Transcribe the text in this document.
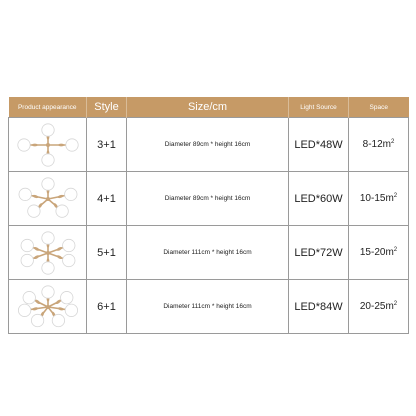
Product appearance	Style	Size/cm	Light Source	Space

	3+1	Diameter 89cm * height 16cm	LED*48W	$8-12m^2$

	4+1	Diameter 89cm * height 16cm	LED*60W	$10-15m^2$

	5+1	Diameter 111cm * height 16cm	LED*72W	$15-20m^2$

	6+1	Diameter 111cm * height 16cm	LED*84W	$20-25m^2$
